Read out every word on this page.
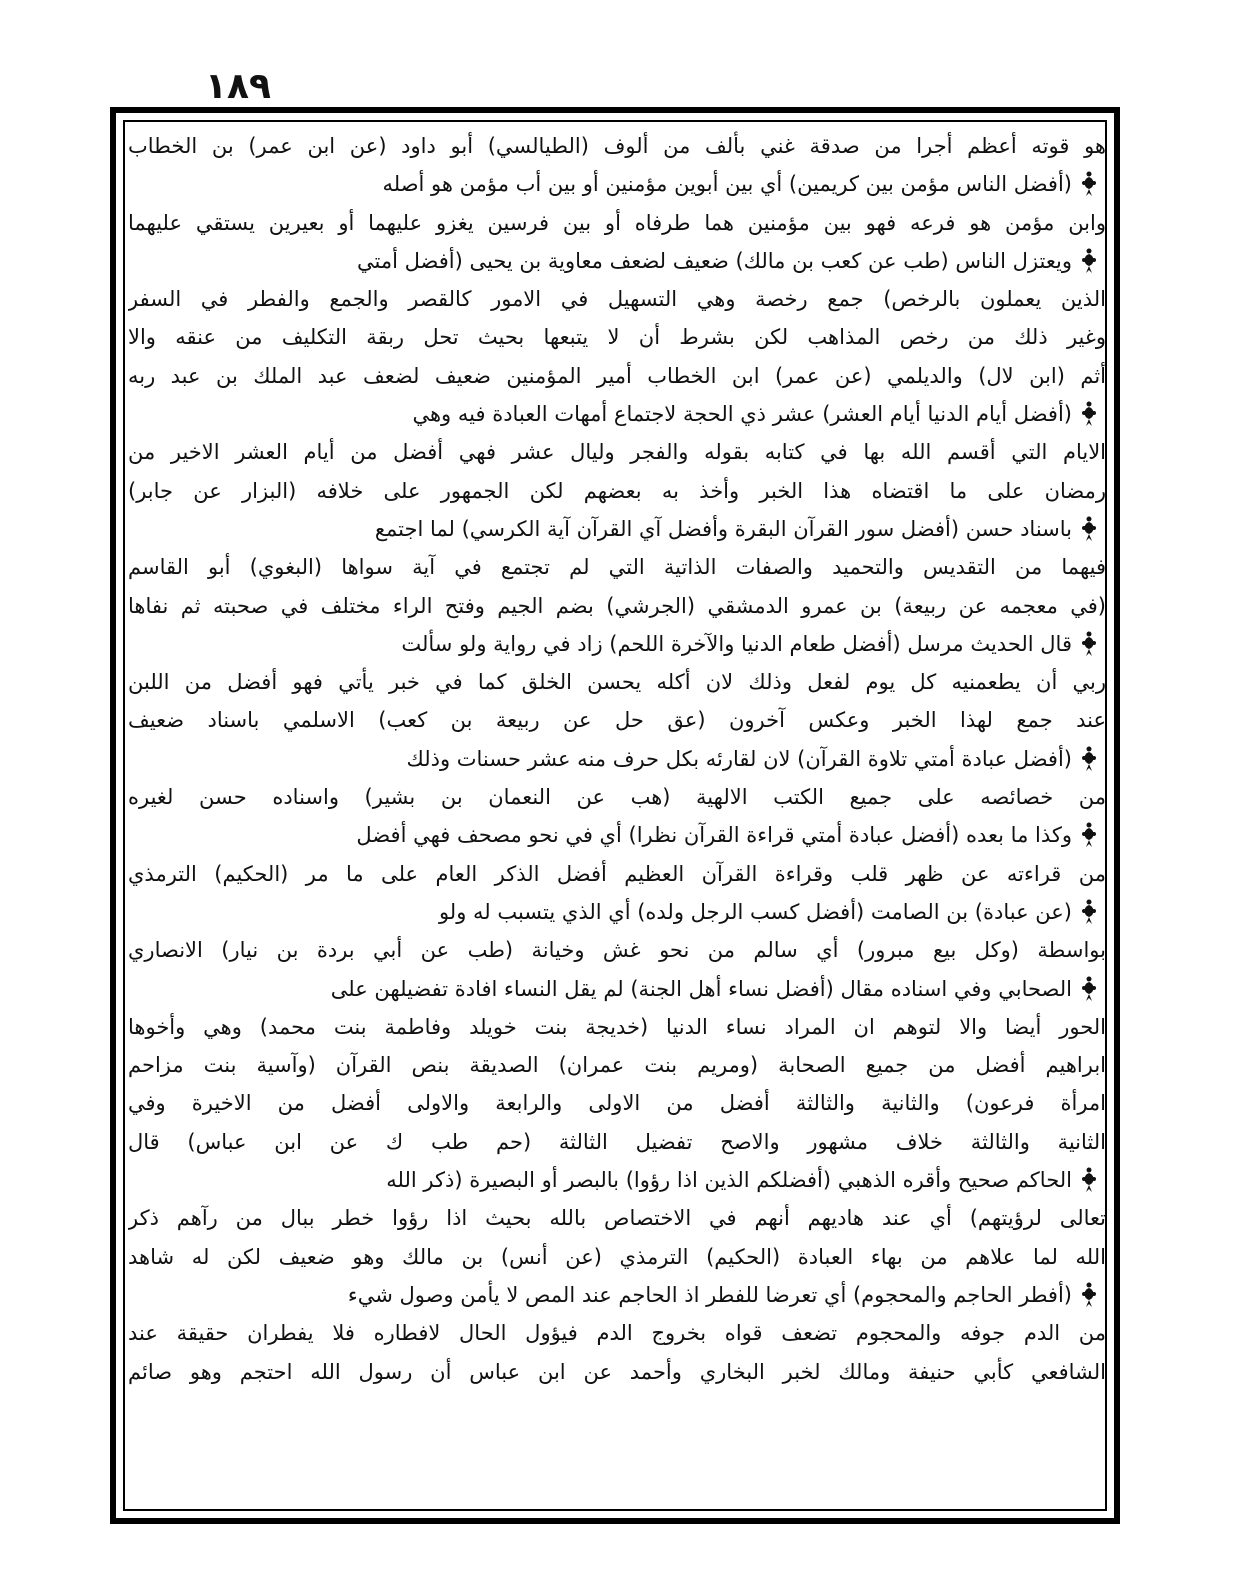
١٨٩
هو قوته أعظم أجرا من صدقة غني بألف من ألوف (الطيالسي) أبو داود (عن ابن عمر) بن الخطاب
(أفضل الناس مؤمن بين كريمين) أي بين أبوين مؤمنين أو بين أب مؤمن هو أصله
وابن مؤمن هو فرعه فهو بين مؤمنين هما طرفاه أو بين فرسين يغزو عليهما أو بعيرين يستقي عليهما
ويعتزل الناس (طب عن كعب بن مالك) ضعيف لضعف معاوية بن يحيى (أفضل أمتي
الذين يعملون بالرخص) جمع رخصة وهي التسهيل في الامور كالقصر والجمع والفطر في السفر
وغير ذلك من رخص المذاهب لكن بشرط أن لا يتبعها بحيث تحل ربقة التكليف من عنقه والا
أثم (ابن لال) والديلمي (عن عمر) ابن الخطاب أمير المؤمنين ضعيف لضعف عبد الملك بن عبد ربه
(أفضل أيام الدنيا أيام العشر) عشر ذي الحجة لاجتماع أمهات العبادة فيه وهي
الايام التي أقسم الله بها في كتابه بقوله والفجر وليال عشر فهي أفضل من أيام العشر الاخير من
رمضان على ما اقتضاه هذا الخبر وأخذ به بعضهم لكن الجمهور على خلافه (البزار عن جابر)
باسناد حسن (أفضل سور القرآن البقرة وأفضل آي القرآن آية الكرسي) لما اجتمع
فيهما من التقديس والتحميد والصفات الذاتية التي لم تجتمع في آية سواها (البغوي) أبو القاسم
(في معجمه عن ربيعة) بن عمرو الدمشقي (الجرشي) بضم الجيم وفتح الراء مختلف في صحبته ثم نفاها
قال الحديث مرسل (أفضل طعام الدنيا والآخرة اللحم) زاد في رواية ولو سألت
ربي أن يطعمنيه كل يوم لفعل وذلك لان أكله يحسن الخلق كما في خبر يأتي فهو أفضل من اللبن
عند جمع لهذا الخبر وعكس آخرون (عق حل عن ربيعة بن كعب) الاسلمي باسناد ضعيف
(أفضل عبادة أمتي تلاوة القرآن) لان لقارئه بكل حرف منه عشر حسنات وذلك
من خصائصه على جميع الكتب الالهية (هب عن النعمان بن بشير) واسناده حسن لغيره
وكذا ما بعده (أفضل عبادة أمتي قراءة القرآن نظرا) أي في نحو مصحف فهي أفضل
من قراءته عن ظهر قلب وقراءة القرآن العظيم أفضل الذكر العام على ما مر (الحكيم) الترمذي
(عن عبادة) بن الصامت (أفضل كسب الرجل ولده) أي الذي يتسبب له ولو
بواسطة (وكل بيع مبرور) أي سالم من نحو غش وخيانة (طب عن أبي بردة بن نيار) الانصاري
الصحابي وفي اسناده مقال (أفضل نساء أهل الجنة) لم يقل النساء افادة تفضيلهن على
الحور أيضا والا لتوهم ان المراد نساء الدنيا (خديجة بنت خويلد وفاطمة بنت محمد) وهي وأخوها
ابراهيم أفضل من جميع الصحابة (ومريم بنت عمران) الصديقة بنص القرآن (وآسية بنت مزاحم
امرأة فرعون) والثانية والثالثة أفضل من الاولى والرابعة والاولى أفضل من الاخيرة وفي
الثانية والثالثة خلاف مشهور والاصح تفضيل الثالثة (حم طب ك عن ابن عباس) قال
الحاكم صحيح وأقره الذهبي (أفضلكم الذين اذا رؤوا) بالبصر أو البصيرة (ذكر الله
تعالى لرؤيتهم) أي عند هاديهم أنهم في الاختصاص بالله بحيث اذا رؤوا خطر ببال من رآهم ذكر
الله لما علاهم من بهاء العبادة (الحكيم) الترمذي (عن أنس) بن مالك وهو ضعيف لكن له شاهد
(أفطر الحاجم والمحجوم) أي تعرضا للفطر اذ الحاجم عند المص لا يأمن وصول شيء
من الدم جوفه والمحجوم تضعف قواه بخروج الدم فيؤول الحال لافطاره فلا يفطران حقيقة عند
الشافعي كأبي حنيفة ومالك لخبر البخاري وأحمد عن ابن عباس أن رسول الله احتجم وهو صائم
